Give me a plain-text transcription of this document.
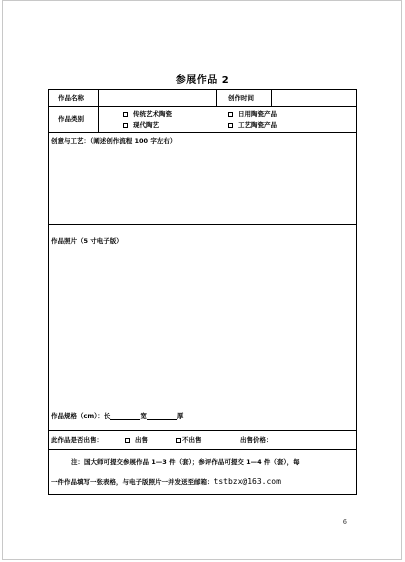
参展作品 2
作品名称	创作时间
作品类别
传统艺术陶瓷	日用陶瓷产品
现代陶艺	工艺陶瓷产品
创意与工艺：（阐述创作流程 100 字左右）
作品照片（5 寸电子版）
作品规格（cm）：长	宽	厚
此作品是否出售：	出售	不出售	出售价格：
注：国大师可提交参展作品 1—3 件（套）；参评作品可提交 1—4 件（套），每
一件作品填写一张表格，与电子版照片一并发送至邮箱：tstbzx@163.com
6
